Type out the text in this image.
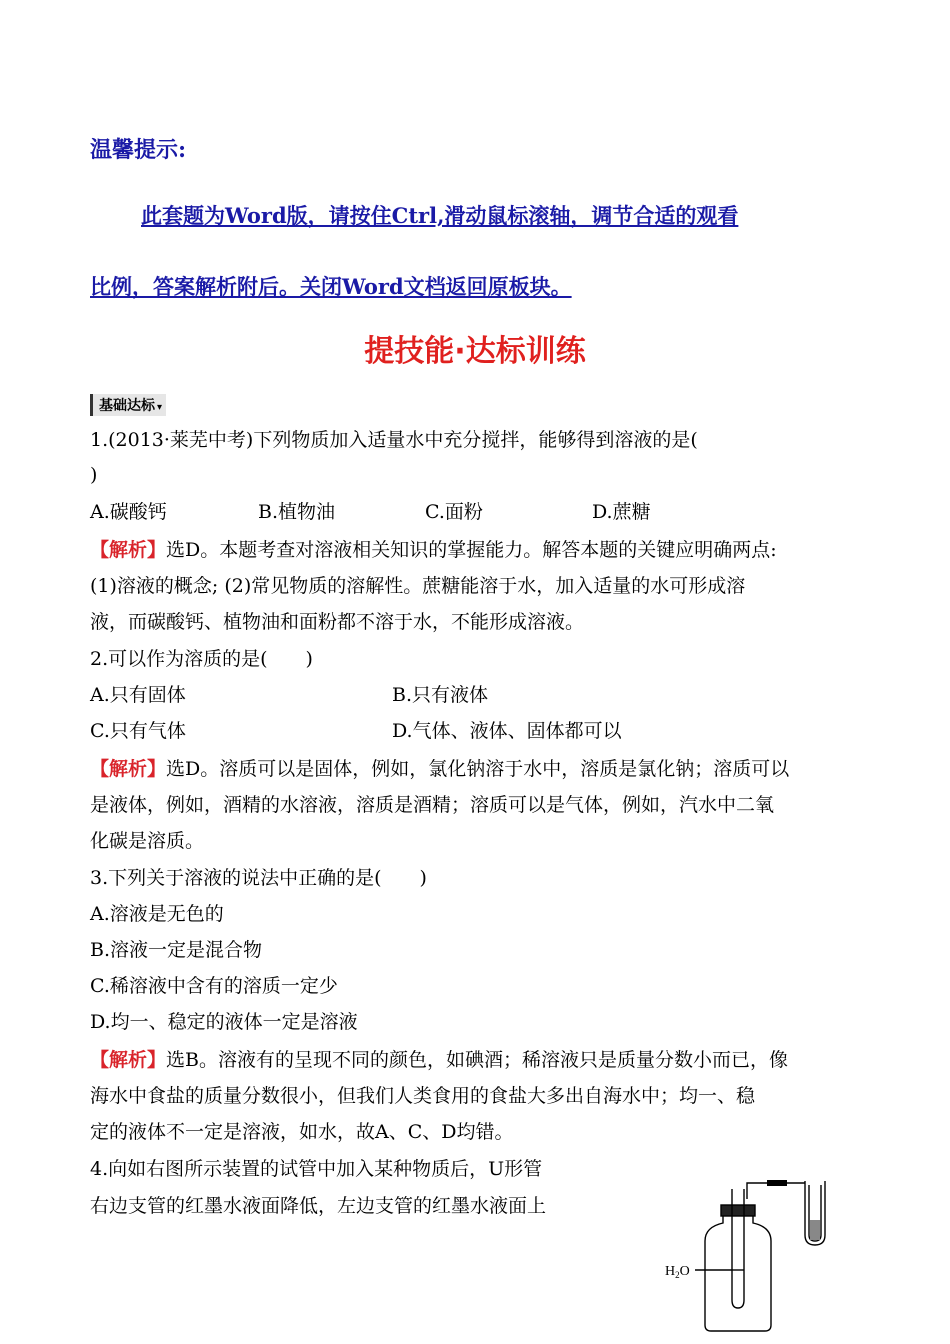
温馨提示:
此套题为Word版，请按住Ctrl,滑动鼠标滚轴，调节合适的观看
比例，答案解析附后。关闭Word文档返回原板块。
提技能·达标训练
基础达标 ▾
1.(2013·莱芜中考)下列物质加入适量水中充分搅拌，能够得到溶液的是(
)
A.碳酸钙	B.植物油	C.面粉	D.蔗糖
【解析】选D。本题考查对溶液相关知识的掌握能力。解答本题的关键应明确两点:
(1)溶液的概念; (2)常见物质的溶解性。蔗糖能溶于水，加入适量的水可形成溶
液，而碳酸钙、植物油和面粉都不溶于水，不能形成溶液。
2.可以作为溶质的是(　　)
A.只有固体	B.只有液体
C.只有气体	D.气体、液体、固体都可以
【解析】选D。溶质可以是固体，例如，氯化钠溶于水中，溶质是氯化钠；溶质可以
是液体，例如，酒精的水溶液，溶质是酒精；溶质可以是气体，例如，汽水中二氧
化碳是溶质。
3.下列关于溶液的说法中正确的是(　　)
A.溶液是无色的
B.溶液一定是混合物
C.稀溶液中含有的溶质一定少
D.均一、稳定的液体一定是溶液
【解析】选B。溶液有的呈现不同的颜色，如碘酒；稀溶液只是质量分数小而已，像
海水中食盐的质量分数很小，但我们人类食用的食盐大多出自海水中；均一、稳
定的液体不一定是溶液，如水，故A、C、D均错。
4.向如右图所示装置的试管中加入某种物质后，U形管
右边支管的红墨水液面降低，左边支管的红墨水液面上
$H_2O$
